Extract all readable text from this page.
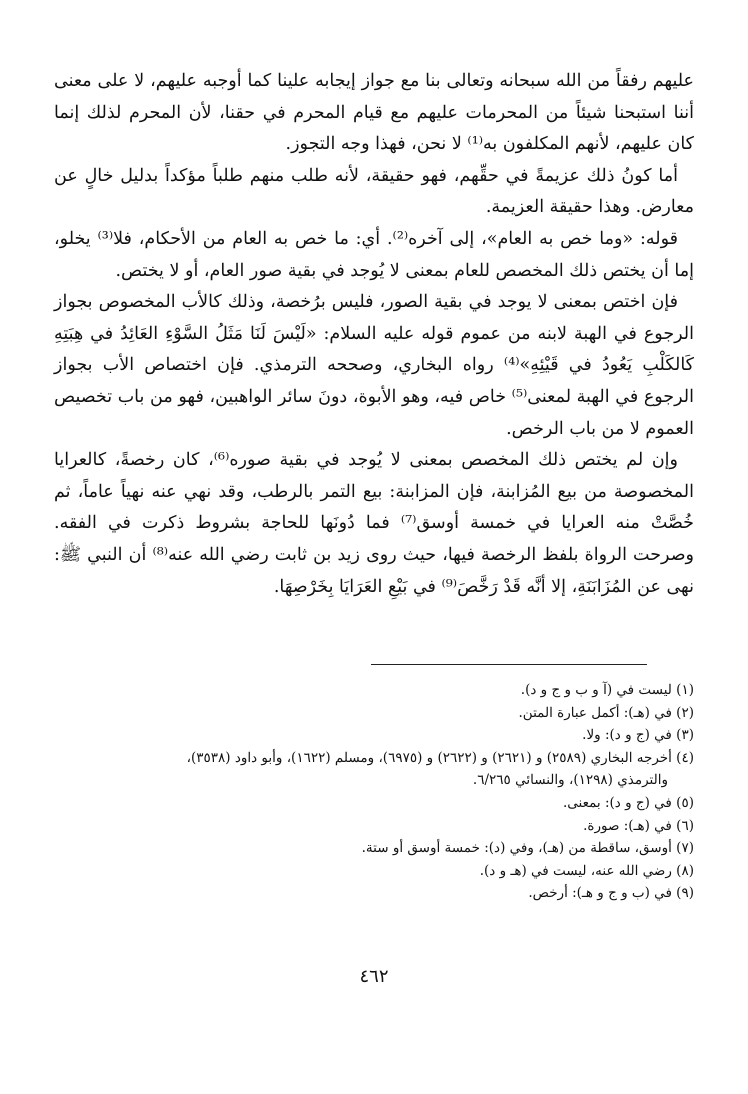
عليهم رفقاً من الله سبحانه وتعالى بنا مع جواز إيجابه علينا كما أوجبه عليهم، لا على معنى أننا استبحنا شيئاً من المحرمات عليهم مع قيام المحرم في حقنا، لأن المحرم لذلك إنما كان عليهم، لأنهم المكلفون به⁽¹⁾ لا نحن، فهذا وجه التجوز.

أما كونُ ذلك عزيمةً في حقِّهم، فهو حقيقة، لأنه طلب منهم طلباً مؤكداً بدليل خالٍ عن معارض. وهذا حقيقة العزيمة.

قوله: «وما خص به العام»، إلى آخره⁽²⁾. أي: ما خص به العام من الأحكام، فلا⁽³⁾ يخلو، إما أن يختص ذلك المخصص للعام بمعنى لا يُوجد في بقية صور العام، أو لا يختص.

فإن اختص بمعنى لا يوجد في بقية الصور، فليس برُخصة، وذلك كالأب المخصوص بجواز الرجوع في الهبة لابنه من عموم قوله عليه السلام: «لَيْسَ لَنَا مَثَلُ السَّوْءِ العَائِدُ في هِبَتِهِ كَالكَلْبِ يَعُودُ في قَيْئِهِ»⁽⁴⁾ رواه البخاري، وصححه الترمذي. فإن اختصاص الأب بجواز الرجوع في الهبة لمعنى⁽⁵⁾ خاص فيه، وهو الأبوة، دونَ سائر الواهبين، فهو من باب تخصيص العموم لا من باب الرخص.

وإن لم يختص ذلك المخصص بمعنى لا يُوجد في بقية صوره⁽⁶⁾، كان رخصةً، كالعرايا المخصوصة من بيع المُزابنة، فإن المزابنة: بيع التمر بالرطب، وقد نهي عنه نهياً عاماً، ثم خُصَّتْ منه العرايا في خمسة أوسق⁽⁷⁾ فما دُونَها للحاجة بشروط ذكرت في الفقه. وصرحت الرواة بلفظ الرخصة فيها، حيث روى زيد بن ثابت رضي الله عنه⁽⁸⁾ أن النبي ﷺ: نهى عن المُزَابَنَةِ، إلا أنَّه قَدْ رَخَّصَ⁽⁹⁾ في بَيْعِ العَرَايَا بِخَرْصِهَا.

(١) ليست في (آ و ب و ج و د).

(٢) في (هـ): أكمل عبارة المتن.

(٣) في (ج و د): ولا.

(٤) أخرجه البخاري (٢٥٨٩) و (٢٦٢١) و (٢٦٢٢) و (٦٩٧٥)، ومسلم (١٦٢٢)، وأبو داود (٣٥٣٨)،

والترمذي (١٢٩٨)، والنسائي ٦/٢٦٥.

(٥) في (ج و د): بمعنى.

(٦) في (هـ): صورة.

(٧) أوسق، ساقطة من (هـ)، وفي (د): خمسة أوسق أو ستة.

(٨) رضي الله عنه، ليست في (هـ و د).

(٩) في (ب و ج و هـ): أرخص.

٤٦٢
